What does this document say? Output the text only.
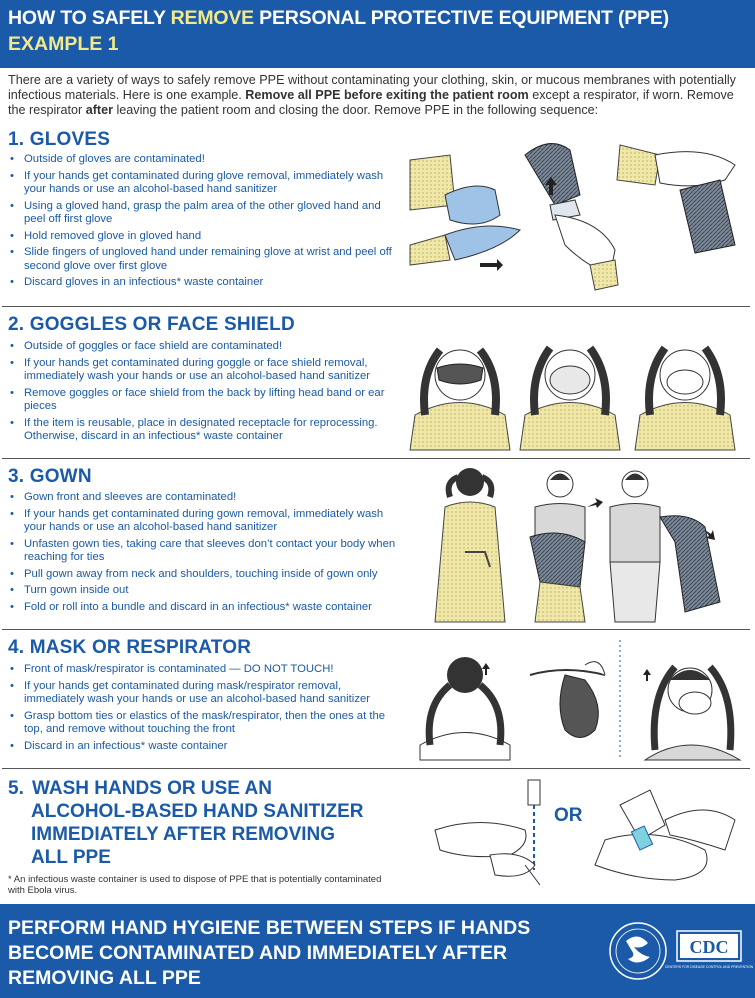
HOW TO SAFELY REMOVE PERSONAL PROTECTIVE EQUIPMENT (PPE)
EXAMPLE 1
There are a variety of ways to safely remove PPE without contaminating your clothing, skin, or mucous membranes with potentially infectious materials. Here is one example. Remove all PPE before exiting the patient room except a respirator, if worn. Remove the respirator after leaving the patient room and closing the door. Remove PPE in the following sequence:
1. GLOVES
• Outside of gloves are contaminated!
• If your hands get contaminated during glove removal, immediately wash your hands or use an alcohol-based hand sanitizer
• Using a gloved hand, grasp the palm area of the other gloved hand and peel off first glove
• Hold removed glove in gloved hand
• Slide fingers of ungloved hand under remaining glove at wrist and peel off second glove over first glove
• Discard gloves in an infectious* waste container
2. GOGGLES OR FACE SHIELD
• Outside of goggles or face shield are contaminated!
• If your hands get contaminated during goggle or face shield removal, immediately wash your hands or use an alcohol-based hand sanitizer
• Remove goggles or face shield from the back by lifting head band or ear pieces
• If the item is reusable, place in designated receptacle for reprocessing. Otherwise, discard in an infectious* waste container
3. GOWN
• Gown front and sleeves are contaminated!
• If your hands get contaminated during gown removal, immediately wash your hands or use an alcohol-based hand sanitizer
• Unfasten gown ties, taking care that sleeves don’t contact your body when reaching for ties
• Pull gown away from neck and shoulders, touching inside of gown only
• Turn gown inside out
• Fold or roll into a bundle and discard in an infectious* waste container
4. MASK OR RESPIRATOR
• Front of mask/respirator is contaminated — DO NOT TOUCH!
• If your hands get contaminated during mask/respirator removal, immediately wash your hands or use an alcohol-based hand sanitizer
• Grasp bottom ties or elastics of the mask/respirator, then the ones at the top, and remove without touching the front
• Discard in an infectious* waste container
5. WASH HANDS OR USE AN
ALCOHOL-BASED HAND SANITIZER
IMMEDIATELY AFTER REMOVING
ALL PPE
* An infectious waste container is used to dispose of PPE that is potentially contaminated with Ebola virus.
OR
PERFORM HAND HYGIENE BETWEEN STEPS IF HANDS BECOME CONTAMINATED AND IMMEDIATELY AFTER REMOVING ALL PPE
CDC
CENTERS FOR DISEASE CONTROL AND PREVENTION
